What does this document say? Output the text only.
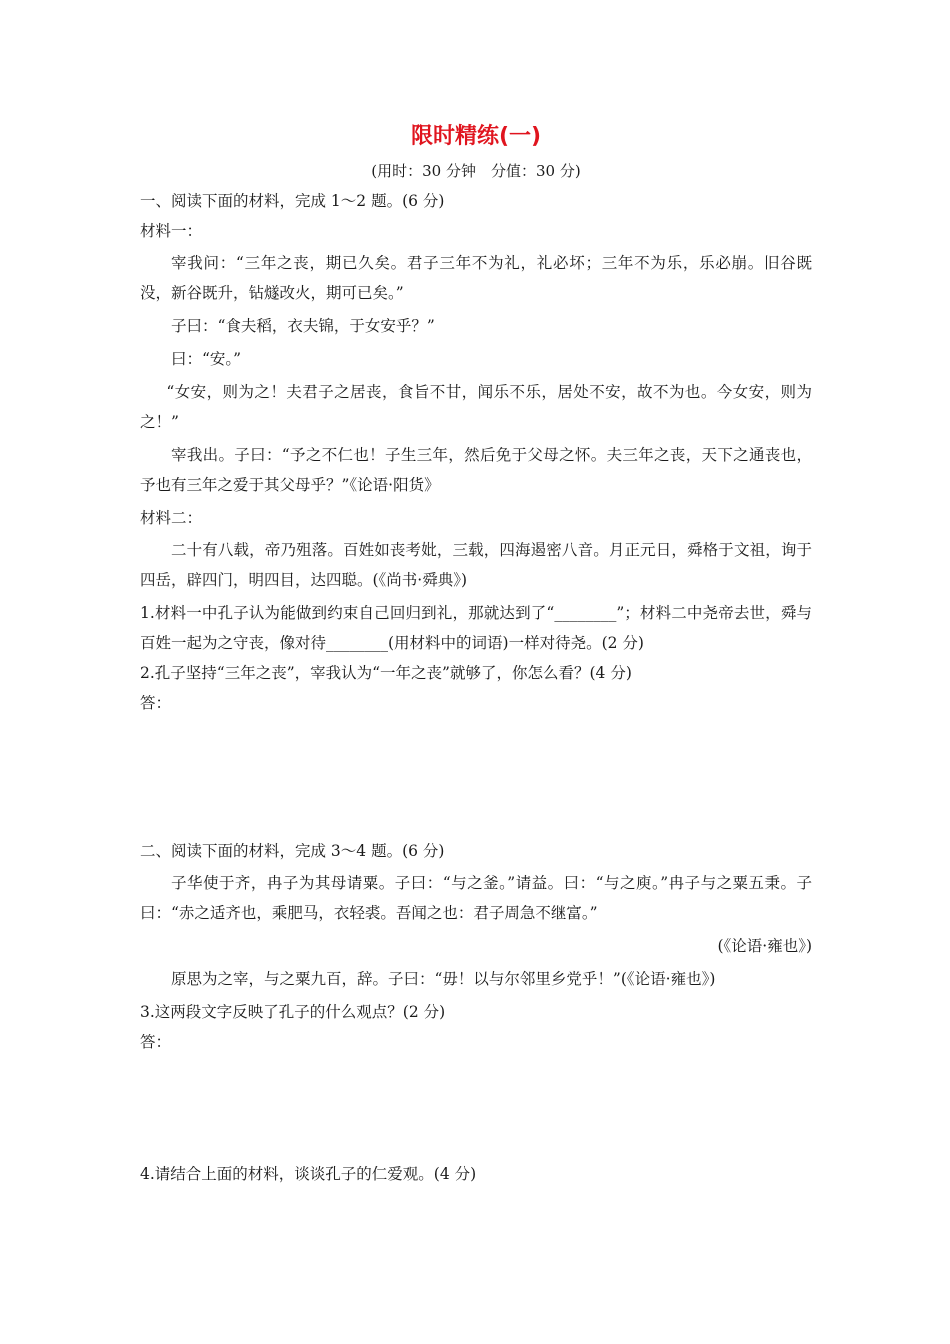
限时精练(一)
(用时：30 分钟　分值：30 分)

一、阅读下面的材料，完成 1～2 题。(6 分)

材料一：

宰我问：“三年之丧，期已久矣。君子三年不为礼，礼必坏；三年不为乐，乐必崩。旧谷既没，新谷既升，钻燧改火，期可已矣。”

子曰：“食夫稻，衣夫锦，于女安乎？”

曰：“安。”

“女安，则为之！夫君子之居丧，食旨不甘，闻乐不乐，居处不安，故不为也。今女安，则为之！”

宰我出。子曰：“予之不仁也！子生三年，然后免于父母之怀。夫三年之丧，天下之通丧也，予也有三年之爱于其父母乎？”《论语·阳货》

材料二：

二十有八载，帝乃殂落。百姓如丧考妣，三载，四海遏密八音。月正元日，舜格于文祖，询于四岳，辟四门，明四目，达四聪。(《尚书·舜典》)

1.材料一中孔子认为能做到约束自己回归到礼，那就达到了“________”；材料二中尧帝去世，舜与百姓一起为之守丧，像对待________(用材料中的词语)一样对待尧。(2 分)

2.孔子坚持“三年之丧”，宰我认为“一年之丧”就够了，你怎么看？(4 分)

答：

二、阅读下面的材料，完成 3～4 题。(6 分)

子华使于齐，冉子为其母请粟。子曰：“与之釜。”请益。曰：“与之庾。”冉子与之粟五秉。子曰：“赤之适齐也，乘肥马，衣轻裘。吾闻之也：君子周急不继富。”

(《论语·雍也》)

原思为之宰，与之粟九百，辞。子曰：“毋！以与尔邻里乡党乎！”(《论语·雍也》)

3.这两段文字反映了孔子的什么观点？(2 分)

答：

4.请结合上面的材料，谈谈孔子的仁爱观。(4 分)
